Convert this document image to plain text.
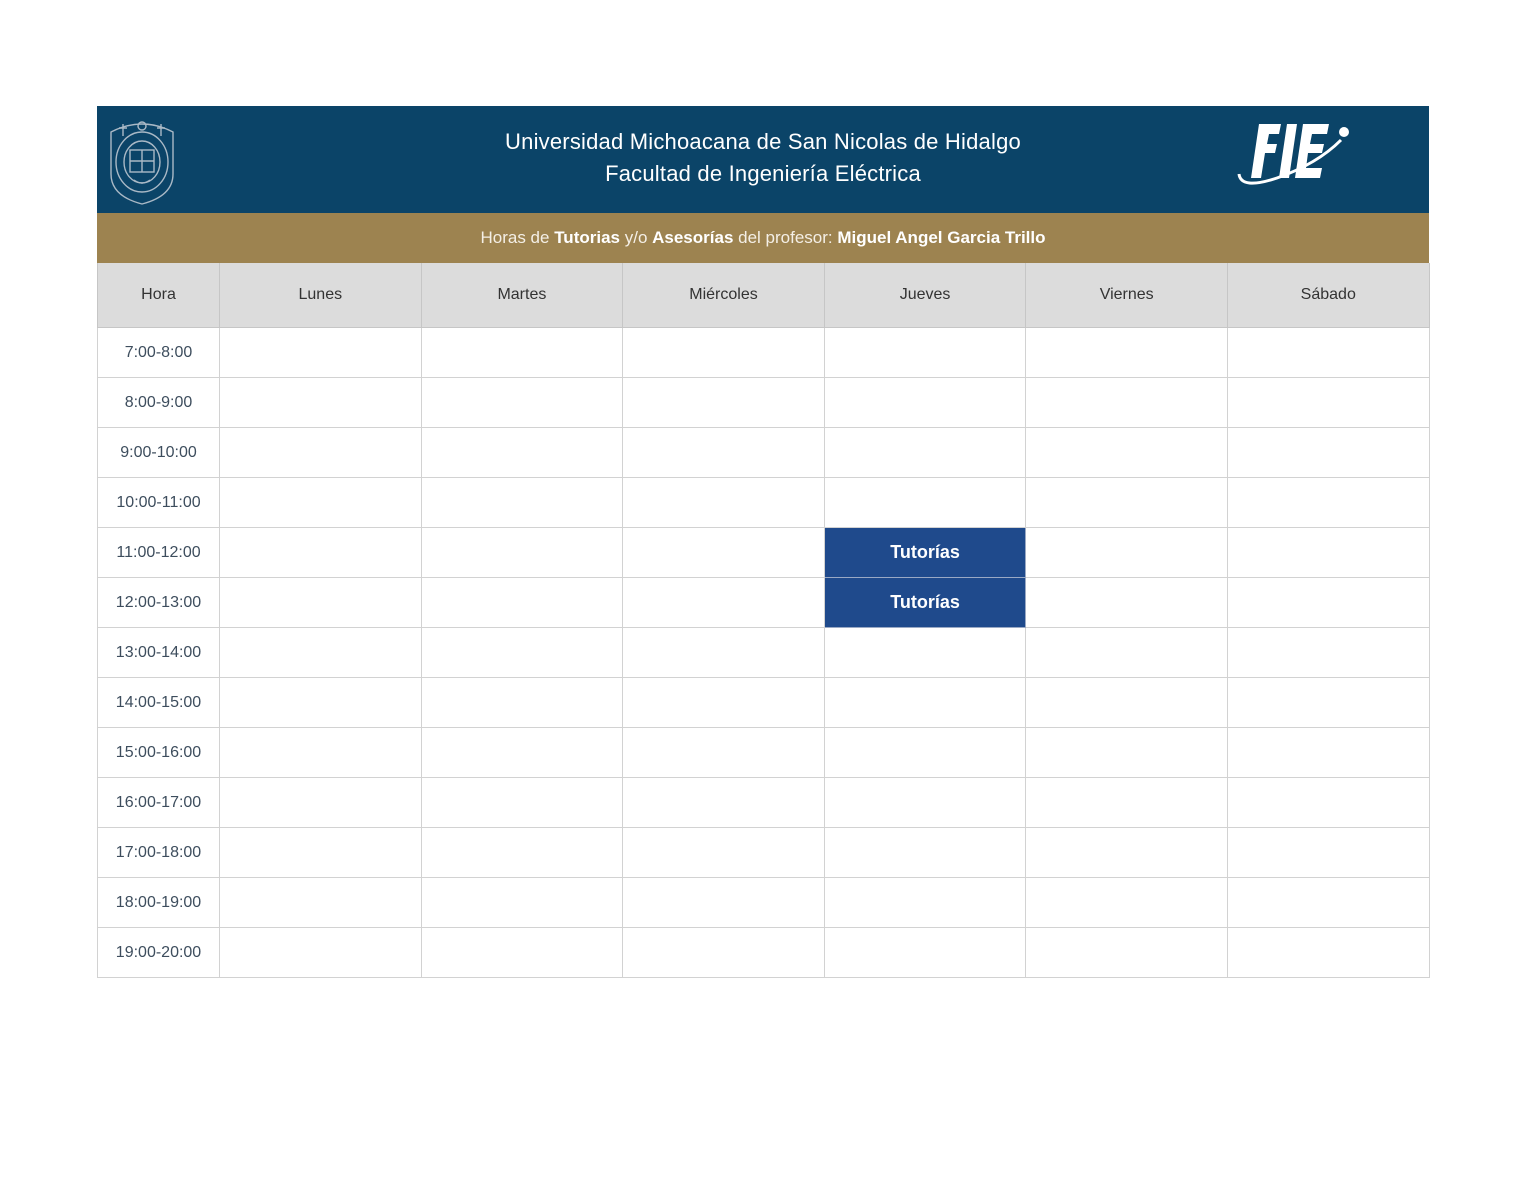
Universidad Michoacana de San Nicolas de Hidalgo
Facultad de Ingeniería Eléctrica
FIE
Horas de Tutorias y/o Asesorías del profesor: Miguel Angel Garcia Trillo
Hora	Lunes	Martes	Miércoles	Jueves	Viernes	Sábado
7:00-8:00						
8:00-9:00						
9:00-10:00						
10:00-11:00						
11:00-12:00				Tutorías		
12:00-13:00				Tutorías		
13:00-14:00						
14:00-15:00						
15:00-16:00						
16:00-17:00						
17:00-18:00						
18:00-19:00						
19:00-20:00						
